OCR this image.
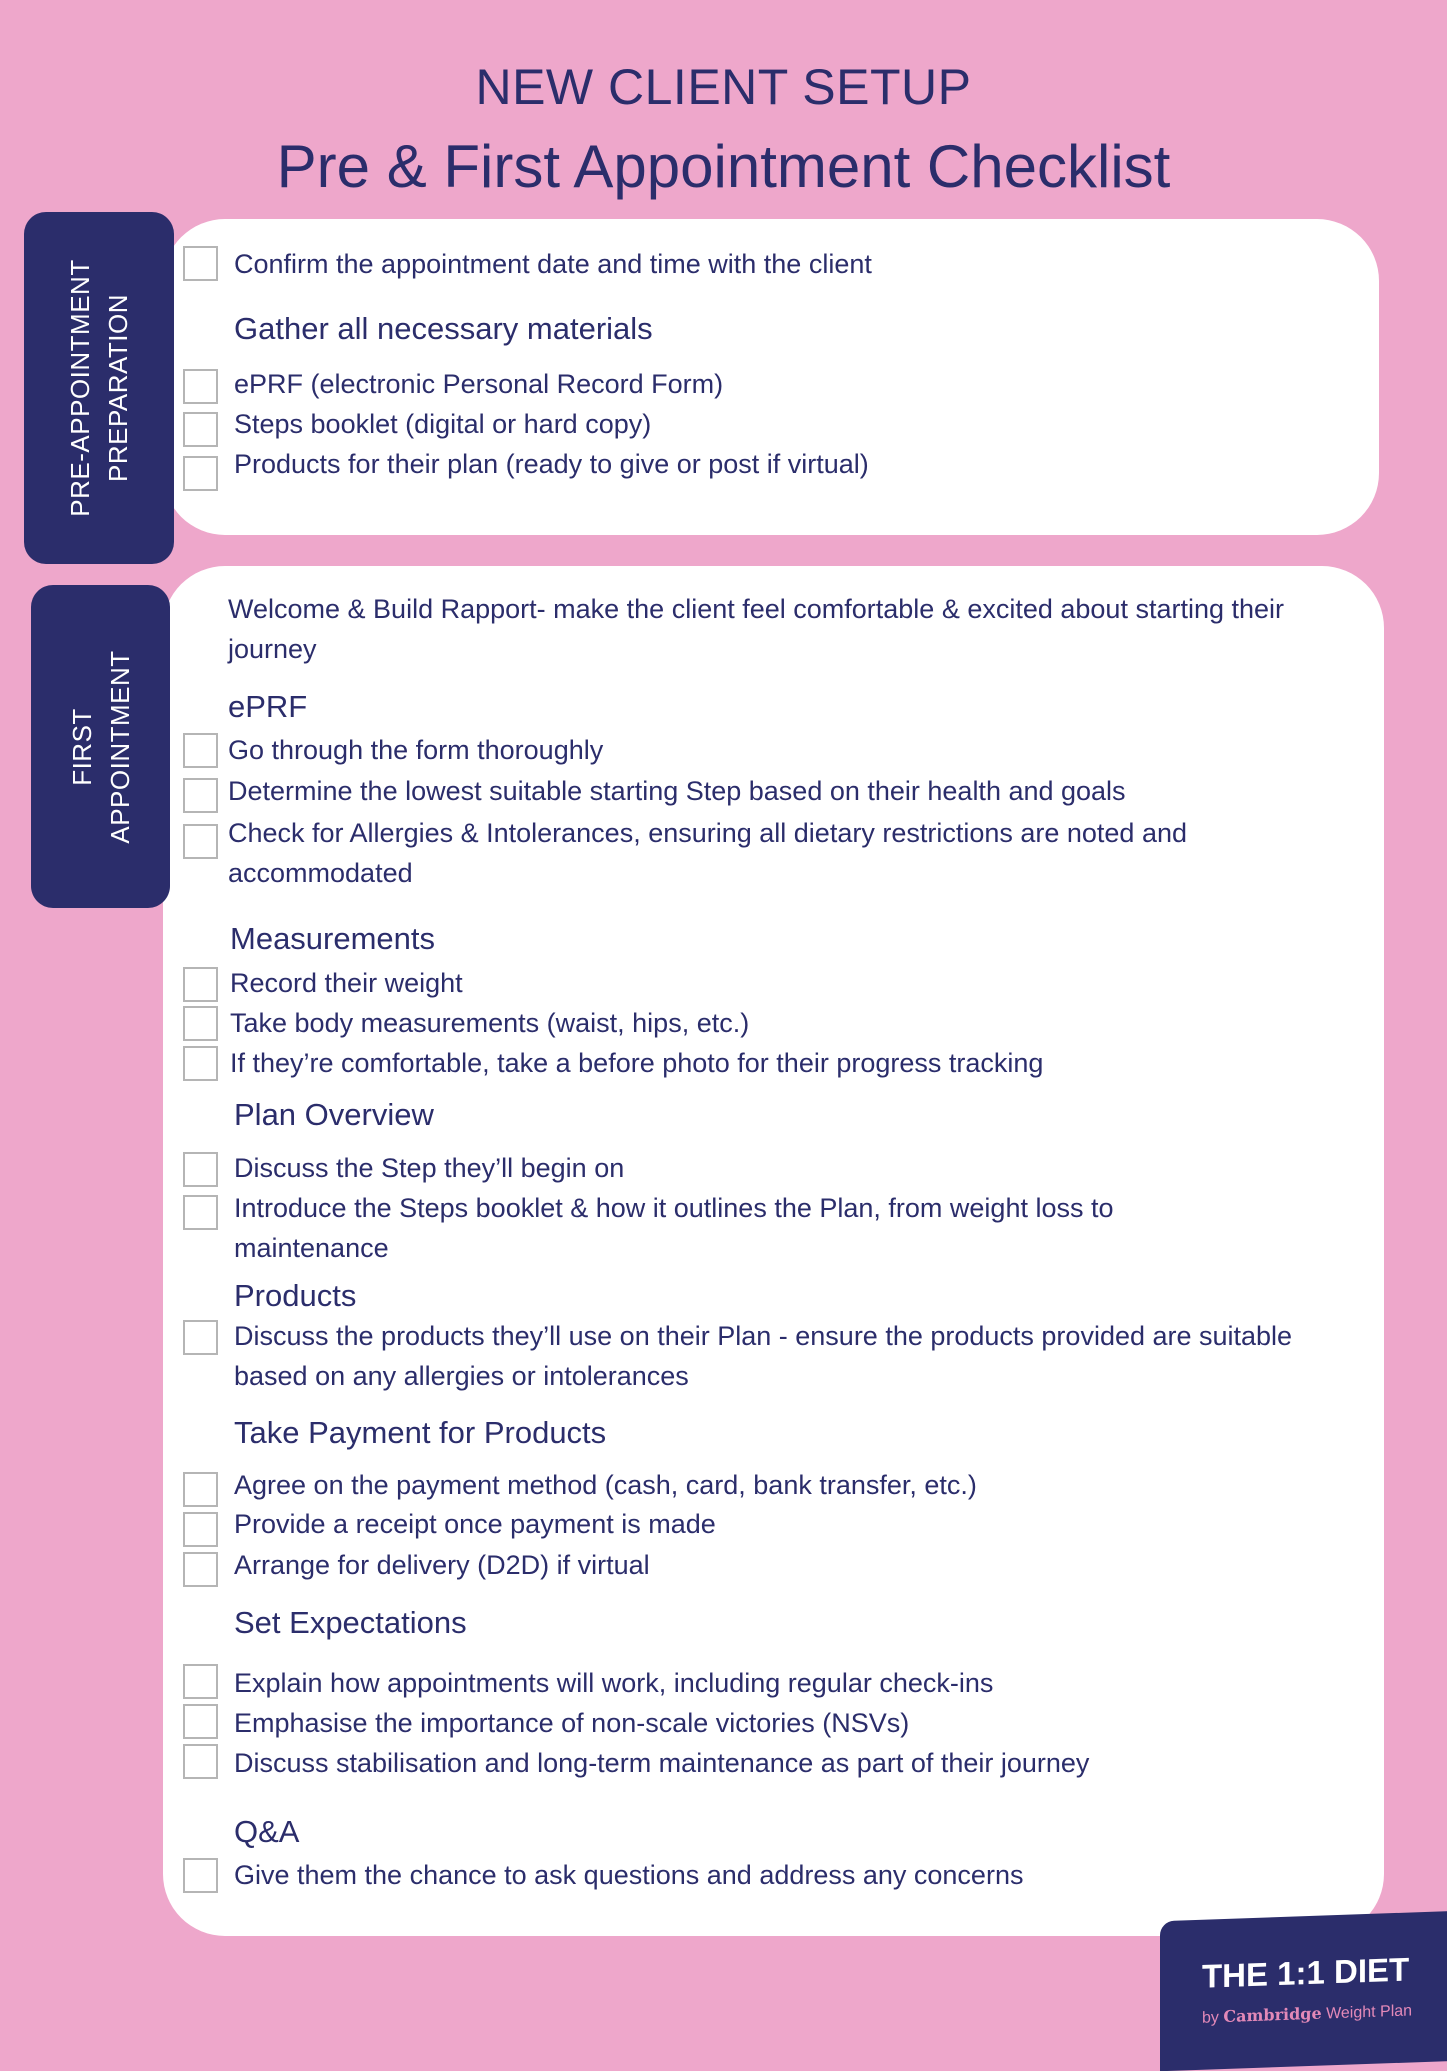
NEW CLIENT SETUP
Pre & First Appointment Checklist
PRE-APPOINTMENT PREPARATION
Confirm the appointment date and time with the client
Gather all necessary materials
ePRF (electronic Personal Record Form)
Steps booklet (digital or hard copy)
Products for their plan (ready to give or post if virtual)
FIRST APPOINTMENT
Welcome & Build Rapport- make the client feel comfortable & excited about starting their journey
ePRF
Go through the form thoroughly
Determine the lowest suitable starting Step based on their health and goals
Check for Allergies & Intolerances, ensuring all dietary restrictions are noted and accommodated
Measurements
Record their weight
Take body measurements (waist, hips, etc.)
If they’re comfortable, take a before photo for their progress tracking
Plan Overview
Discuss the Step they’ll begin on
Introduce the Steps booklet & how it outlines the Plan, from weight loss to maintenance
Products
Discuss the products they’ll use on their Plan - ensure the products provided are suitable based on any allergies or intolerances
Take Payment for Products
Agree on the payment method (cash, card, bank transfer, etc.)
Provide a receipt once payment is made
Arrange for delivery (D2D) if virtual
Set Expectations
Explain how appointments will work, including regular check-ins
Emphasise the importance of non-scale victories (NSVs)
Discuss stabilisation and long-term maintenance as part of their journey
Q&A
Give them the chance to ask questions and address any concerns
THE 1:1 DIET
by Cambridge Weight Plan
